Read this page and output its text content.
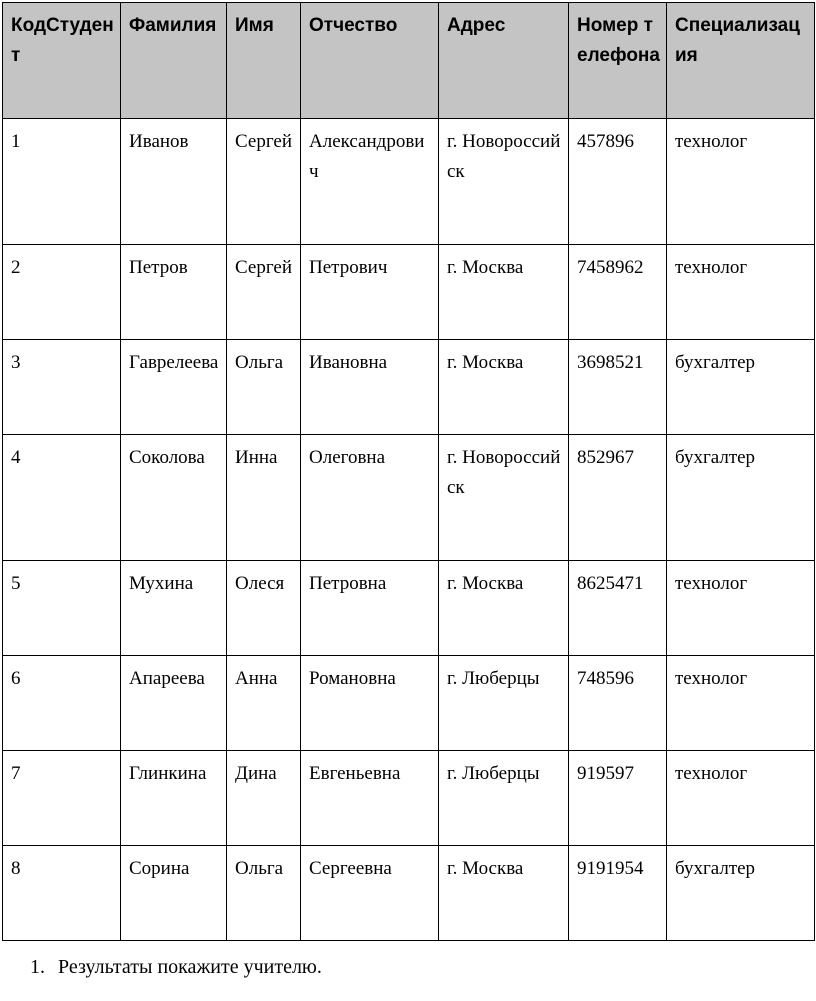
КодСтудент	Фамилия	Имя	Отчество	Адрес	Номер телефона	Специализация
1	Иванов	Сергей	Александрович	г. Новороссийск	457896	технолог
2	Петров	Сергей	Петрович	г. Москва	7458962	технолог
3	Гаврелеева	Ольга	Ивановна	г. Москва	3698521	бухгалтер
4	Соколова	Инна	Олеговна	г. Новороссийск	852967	бухгалтер
5	Мухина	Олеся	Петровна	г. Москва	8625471	технолог
6	Апареева	Анна	Романовна	г. Люберцы	748596	технолог
7	Глинкина	Дина	Евгеньевна	г. Люберцы	919597	технолог
8	Сорина	Ольга	Сергеевна	г. Москва	9191954	бухгалтер
1. Результаты покажите учителю.
